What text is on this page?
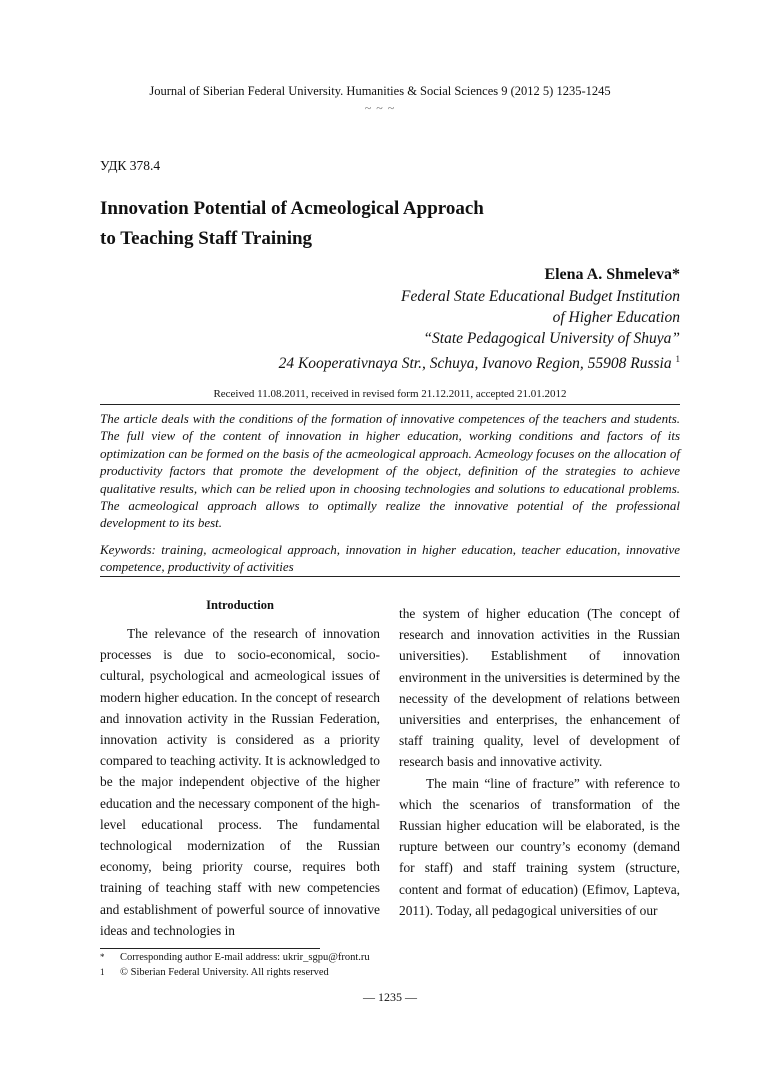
Journal of Siberian Federal University. Humanities & Social Sciences 9 (2012 5) 1235-1245
~ ~ ~
УДК 378.4
Innovation Potential of Acmeological Approach
to Teaching Staff Training
Elena A. Shmeleva*
Federal State Educational Budget Institution
of Higher Education
“State Pedagogical University of Shuya”
24 Kooperativnaya Str., Schuya, Ivanovo Region, 55908 Russia $^1$
Received 11.08.2011, received in revised form 21.12.2011, accepted 21.01.2012
The article deals with the conditions of the formation of innovative competences of the teachers and students. The full view of the content of innovation in higher education, working conditions and factors of its optimization can be formed on the basis of the acmeological approach. Acmeology focuses on the allocation of productivity factors that promote the development of the object, definition of the strategies to achieve qualitative results, which can be relied upon in choosing technologies and solutions to educational problems. The acmeological approach allows to optimally realize the innovative potential of the professional development to its best.
Keywords: training, acmeological approach, innovation in higher education, teacher education, innovative competence, productivity of activities
Introduction

The relevance of the research of innovation processes is due to socio-economical, socio-cultural, psychological and acmeological issues of modern higher education. In the concept of research and innovation activity in the Russian Federation, innovation activity is considered as a priority compared to teaching activity. It is acknowledged to be the major independent objective of the higher education and the necessary component of the high-level educational process. The fundamental technological modernization of the Russian economy, being priority course, requires both training of teaching staff with new competencies and establishment of powerful source of innovative ideas and technologies in

the system of higher education (The concept of research and innovation activities in the Russian universities). Establishment of innovation environment in the universities is determined by the necessity of the development of relations between universities and enterprises, the enhancement of staff training quality, level of development of research basis and innovative activity.

The main “line of fracture” with reference to which the scenarios of transformation of the Russian higher education will be elaborated, is the rupture between our country’s economy (demand for staff) and staff training system (structure, content and format of education) (Efimov, Lapteva, 2011). Today, all pedagogical universities of our

* Corresponding author E-mail address: ukrir_sgpu@front.ru
1 © Siberian Federal University. All rights reserved
— 1235 —
